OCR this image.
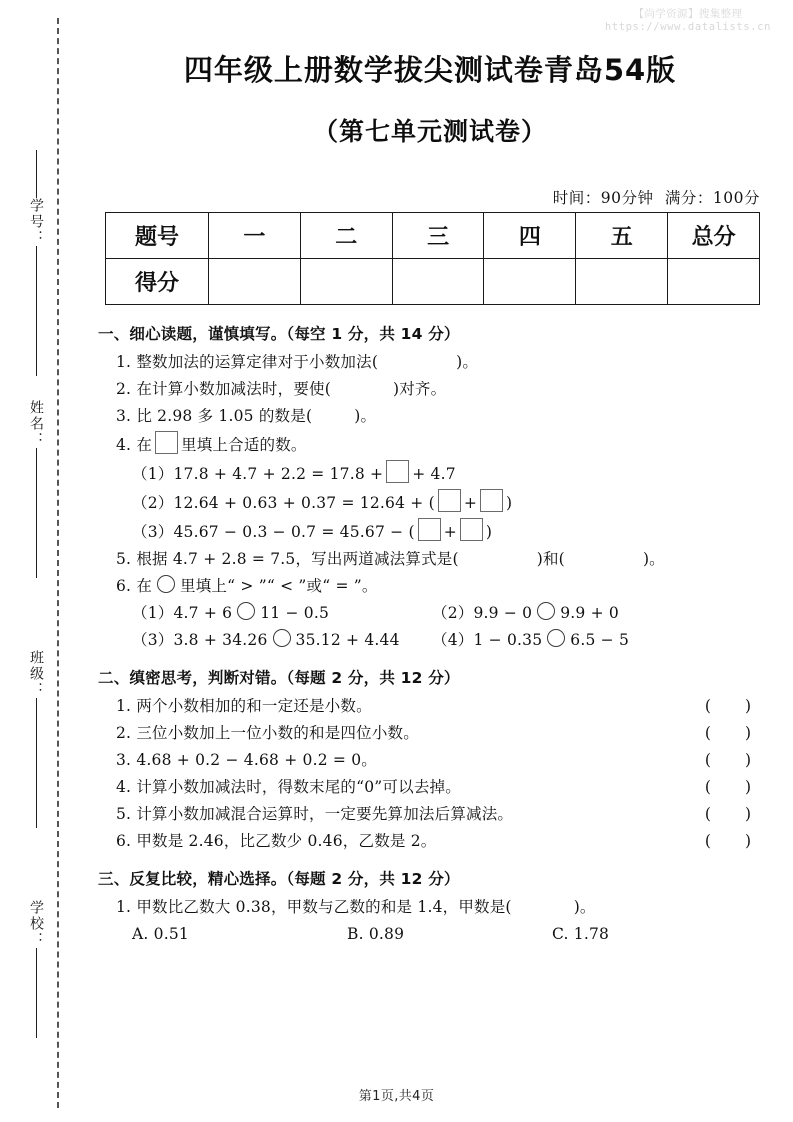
【尚学资源】搜集整理
https://www.datalists.cn
学号：
姓名：
班级：
学校：
四年级上册数学拔尖测试卷青岛54版
（第七单元测试卷）
时间：90分钟 满分：100分
题号	一	二	三	四	五	总分
得分						
一、细心读题，谨慎填写。（每空 1 分，共 14 分）
1. 整数加法的运算定律对于小数加法(	)。
2. 在计算小数加减法时，要使(	)对齐。
3. 比 2.98 多 1.05 的数是(	)。
4. 在 里填上合适的数。
（1）17.8 + 4.7 + 2.2 = 17.8 + + 4.7
（2）12.64 + 0.63 + 0.37 = 12.64 + ( + )
（3）45.67 − 0.3 − 0.7 = 45.67 − ( + )
5. 根据 4.7 + 2.8 = 7.5，写出两道减法算式是(	)和(	)。
6. 在 里填上“ > ”“ < ”或“ = ”。
（1）4.7 + 6 11 − 0.5	（2）9.9 − 0 9.9 + 0
（3）3.8 + 34.26 35.12 + 4.44	（4）1 − 0.35 6.5 − 5
二、缜密思考，判断对错。（每题 2 分，共 12 分）
1. 两个小数相加的和一定还是小数。	( )
2. 三位小数加上一位小数的和是四位小数。	( )
3. 4.68 + 0.2 − 4.68 + 0.2 = 0。	( )
4. 计算小数加减法时，得数末尾的“0”可以去掉。	( )
5. 计算小数加减混合运算时，一定要先算加法后算减法。	( )
6. 甲数是 2.46，比乙数少 0.46，乙数是 2。	( )
三、反复比较，精心选择。（每题 2 分，共 12 分）
1. 甲数比乙数大 0.38，甲数与乙数的和是 1.4，甲数是(	)。
A. 0.51	B. 0.89	C. 1.78
第1页,共4页
